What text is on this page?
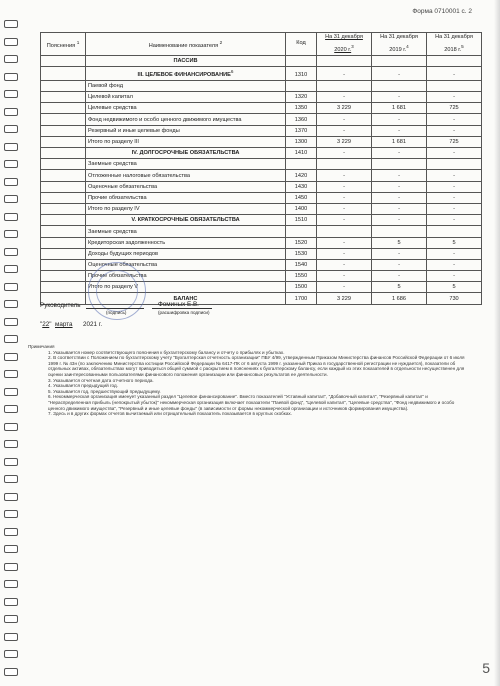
Форма 0710001 с. 2
Пояснения $^1$	Наименование показателя $^2$	Код	На 31 декабря 2020 г.$^3$	На 31 декабря 2019 г.$^4$	На 31 декабря 2018 г.$^5$
	ПАССИВ				
	III. ЦЕЛЕВОЕ ФИНАНСИРОВАНИЕ$^6$	1310	-	-	-
	Паевой фонд				
	Целевой капитал	1320	-	-	-
	Целевые средства	1350	3 229	1 681	725
	Фонд недвижимого и особо ценного движимого имущества	1360	-	-	-
	Резервный и иные целевые фонды	1370	-	-	-
	Итого по разделу III	1300	3 229	1 681	725
	IV. ДОЛГОСРОЧНЫЕ ОБЯЗАТЕЛЬСТВА	1410	-	-	-
	Заемные средства				
	Отложенные налоговые обязательства	1420	-	-	-
	Оценочные обязательства	1430	-	-	-
	Прочие обязательства	1450	-	-	-
	Итого по разделу IV	1400	-	-	-
	V. КРАТКОСРОЧНЫЕ ОБЯЗАТЕЛЬСТВА	1510	-	-	-
	Заемные средства				
	Кредиторская задолженность	1520	-	5	5
	Доходы будущих периодов	1530	-	-	-
	Оценочные обязательства	1540	-	-	-
	Прочие обязательства	1550	-	-	-
	Итого по разделу V	1500	-	5	5
	БАЛАНС	1700	3 229	1 686	730
Руководитель
(подпись)
Фоминых Е.В.
(расшифровка подписи)
"22" марта 2021 г.

Примечания

1. Указывается номер соответствующего пояснения к бухгалтерскому балансу и отчету о прибылях и убытках.

2. В соответствии с Положением по бухгалтерскому учету "Бухгалтерская отчетность организации" ПБУ 4/99, утвержденным Приказом Министерства финансов Российской Федерации от 6 июля 1999 г. № 43н (по заключению Министерства юстиции Российской Федерации № 6417-ПК от 6 августа 1999 г. указанный Приказ в государственной регистрации не нуждается), показатели об отдельных активах, обязательствах могут приводиться общей суммой с раскрытием в пояснениях к бухгалтерскому балансу, если каждый из этих показателей в отдельности несущественен для оценки заинтересованными пользователями финансового положения организации или финансовых результатов ее деятельности.

3. Указывается отчетная дата отчетного периода.

4. Указывается предыдущий год.

5. Указывается год, предшествующий предыдущему.

6. Некоммерческая организация именует указанный раздел "Целевое финансирование". Вместо показателей "Уставный капитал", "Добавочный капитал", "Резервный капитал" и "Нераспределенная прибыль (непокрытый убыток)" некоммерческая организация включает показатели "Паевой фонд", "Целевой капитал", "Целевые средства", "Фонд недвижимого и особо ценного движимого имущества", "Резервный и иные целевые фонды" (в зависимости от формы некоммерческой организации и источников формирования имущества).

7. Здесь и в других формах отчетов вычитаемый или отрицательный показатель показывается в круглых скобках.

5
